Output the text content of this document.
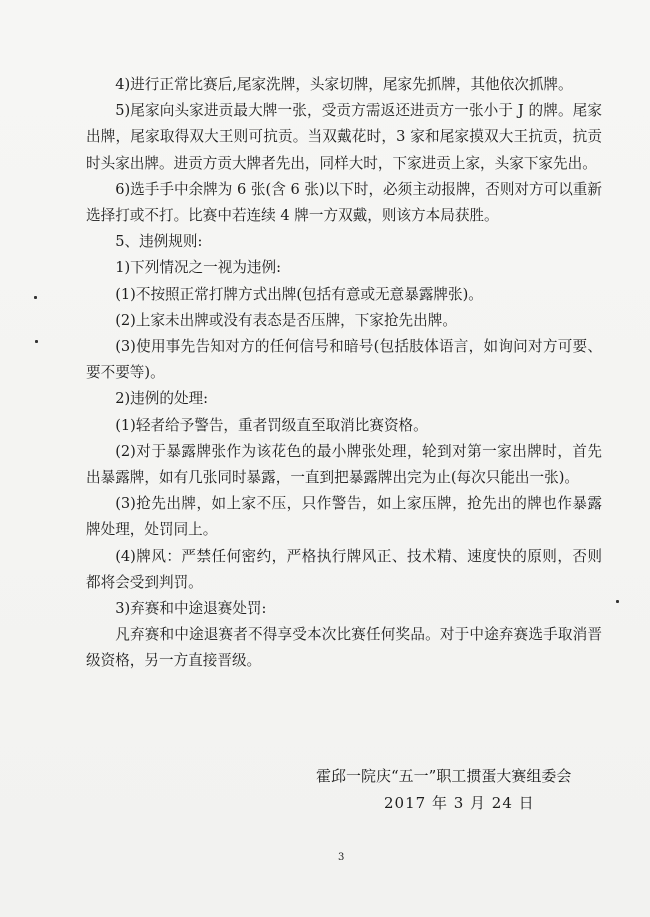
4)进行正常比赛后,尾家洗牌，头家切牌，尾家先抓牌，其他依次抓牌。

5)尾家向头家进贡最大牌一张，受贡方需返还进贡方一张小于 J 的牌。尾家出牌，尾家取得双大王则可抗贡。当双戴花时，3 家和尾家摸双大王抗贡，抗贡时头家出牌。进贡方贡大牌者先出，同样大时，下家进贡上家，头家下家先出。

6)选手手中余牌为 6 张(含 6 张)以下时，必须主动报牌，否则对方可以重新选择打或不打。比赛中若连续 4 牌一方双戴，则该方本局获胜。

5、违例规则:

1)下列情况之一视为违例:

(1)不按照正常打牌方式出牌(包括有意或无意暴露牌张)。

(2)上家未出牌或没有表态是否压牌，下家抢先出牌。

(3)使用事先告知对方的任何信号和暗号(包括肢体语言，如询问对方可要、要不要等)。

2)违例的处理:

(1)轻者给予警告，重者罚级直至取消比赛资格。

(2)对于暴露牌张作为该花色的最小牌张处理，轮到对第一家出牌时，首先出暴露牌，如有几张同时暴露，一直到把暴露牌出完为止(每次只能出一张)。

(3)抢先出牌，如上家不压，只作警告，如上家压牌，抢先出的牌也作暴露牌处理，处罚同上。

(4)牌风：严禁任何密约，严格执行牌风正、技术精、速度快的原则，否则都将会受到判罚。

3)弃赛和中途退赛处罚:

凡弃赛和中途退赛者不得享受本次比赛任何奖品。对于中途弃赛选手取消晋级资格，另一方直接晋级。

霍邱一院庆“五一”职工掼蛋大赛组委会
2017 年 3 月 24 日
3
